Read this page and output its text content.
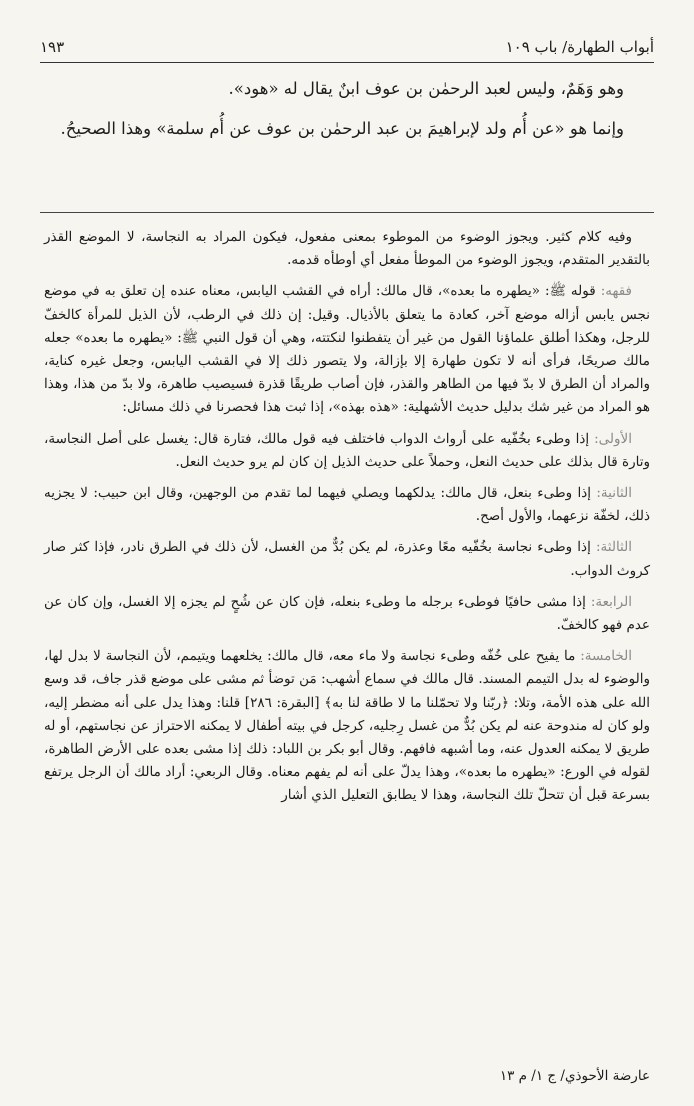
أبواب الطهارة/ باب ١٠٩
١٩٣

وهو وَهَمٌ، وليس لعبد الرحمٰن بن عوف ابنٌ يقال له «هود».

وإنما هو «عن أُم ولد لإبراهيمَ بن عبد الرحمٰن بن عوف عن أُم سلمة» وهذا الصحيحُ.

وفيه كلام كثير. ويجوز الوضوء من الموطوء بمعنى مفعول، فيكون المراد به النجاسة، لا الموضع القذر بالتقدير المتقدم، ويجوز الوضوء من الموطأ مفعل أي أوطأه قدمه.

فقهه: قوله ﷺ: «يطهره ما بعده»، قال مالك: أراه في القشب اليابس، معناه عنده إن تعلق به في موضع نجس يابس أزاله موضع آخر، كعادة ما يتعلق بالأذيال. وقيل: إن ذلك في الرطب، لأن الذيل للمرأة كالخفّ للرجل، وهكذا أطلق علماؤنا القول من غير أن يتفطنوا لنكتته، وهي أن قول النبي ﷺ: «يطهره ما بعده» جعله مالك صريحًا، فرأى أنه لا تكون طهارة إلا بإزالة، ولا يتصور ذلك إلا في القشب اليابس، وجعل غيره كناية، والمراد أن الطرق لا بدّ فيها من الطاهر والقذر، فإن أصاب طريقًا قذرة فسيصيب طاهرة، ولا بدّ من هذا، وهذا هو المراد من غير شك بدليل حديث الأشهلية: «هذه بهذه»، إذا ثبت هذا فحصرنا في ذلك مسائل:

الأولى: إذا وطىء بخُفّيه على أرواث الدواب فاختلف فيه قول مالك، فتارة قال: يغسل على أصل النجاسة، وتارة قال بذلك على حديث النعل، وحملاً على حديث الذيل إن كان لم يرو حديث النعل.

الثانية: إذا وطىء بنعل، قال مالك: يدلكهما ويصلي فيهما لما تقدم من الوجهين، وقال ابن حبيب: لا يجزيه ذلك، لخفّة نزعهما، والأول أصح.

الثالثة: إذا وطىء نجاسة بخُفّيه معًا وعذرة، لم يكن بُدٌّ من الغسل، لأن ذلك في الطرق نادر، فإذا كثر صار كروث الدواب.

الرابعة: إذا مشى حافيًا فوطىء برجله ما وطىء بنعله، فإن كان عن شُحٍ لم يجزه إلا الغسل، وإن كان عن عدم فهو كالخفّ.

الخامسة: ما يفيح على خُفّه وطىء نجاسة ولا ماء معه، قال مالك: يخلعهما ويتيمم، لأن النجاسة لا بدل لها، والوضوء له بدل التيمم المسند. قال مالك في سماع أشهب: مَن توضأ ثم مشى على موضع قذر جاف، قد وسع الله على هذه الأمة، وتلا: ﴿ربّنا ولا تحمّلنا ما لا طاقة لنا به﴾ [البقرة: ٢٨٦] قلنا: وهذا يدل على أنه مضطر إليه، ولو كان له مندوحة عنه لم يكن بُدٌّ من غسل رِجليه، كرجل في بيته أطفال لا يمكنه الاحتراز عن نجاستهم، أو له طريق لا يمكنه العدول عنه، وما أشبهه فافهم. وقال أبو بكر بن اللباد: ذلك إذا مشى بعده على الأرض الطاهرة، لقوله في الورع: «يطهره ما بعده»، وهذا يدلّ على أنه لم يفهم معناه. وقال الربعي: أراد مالك أن الرجل يرتفع بسرعة قبل أن تتحلّ تلك النجاسة، وهذا لا يطابق التعليل الذي أشار

عارضة الأحوذي/ ج ١/ م ١٣
